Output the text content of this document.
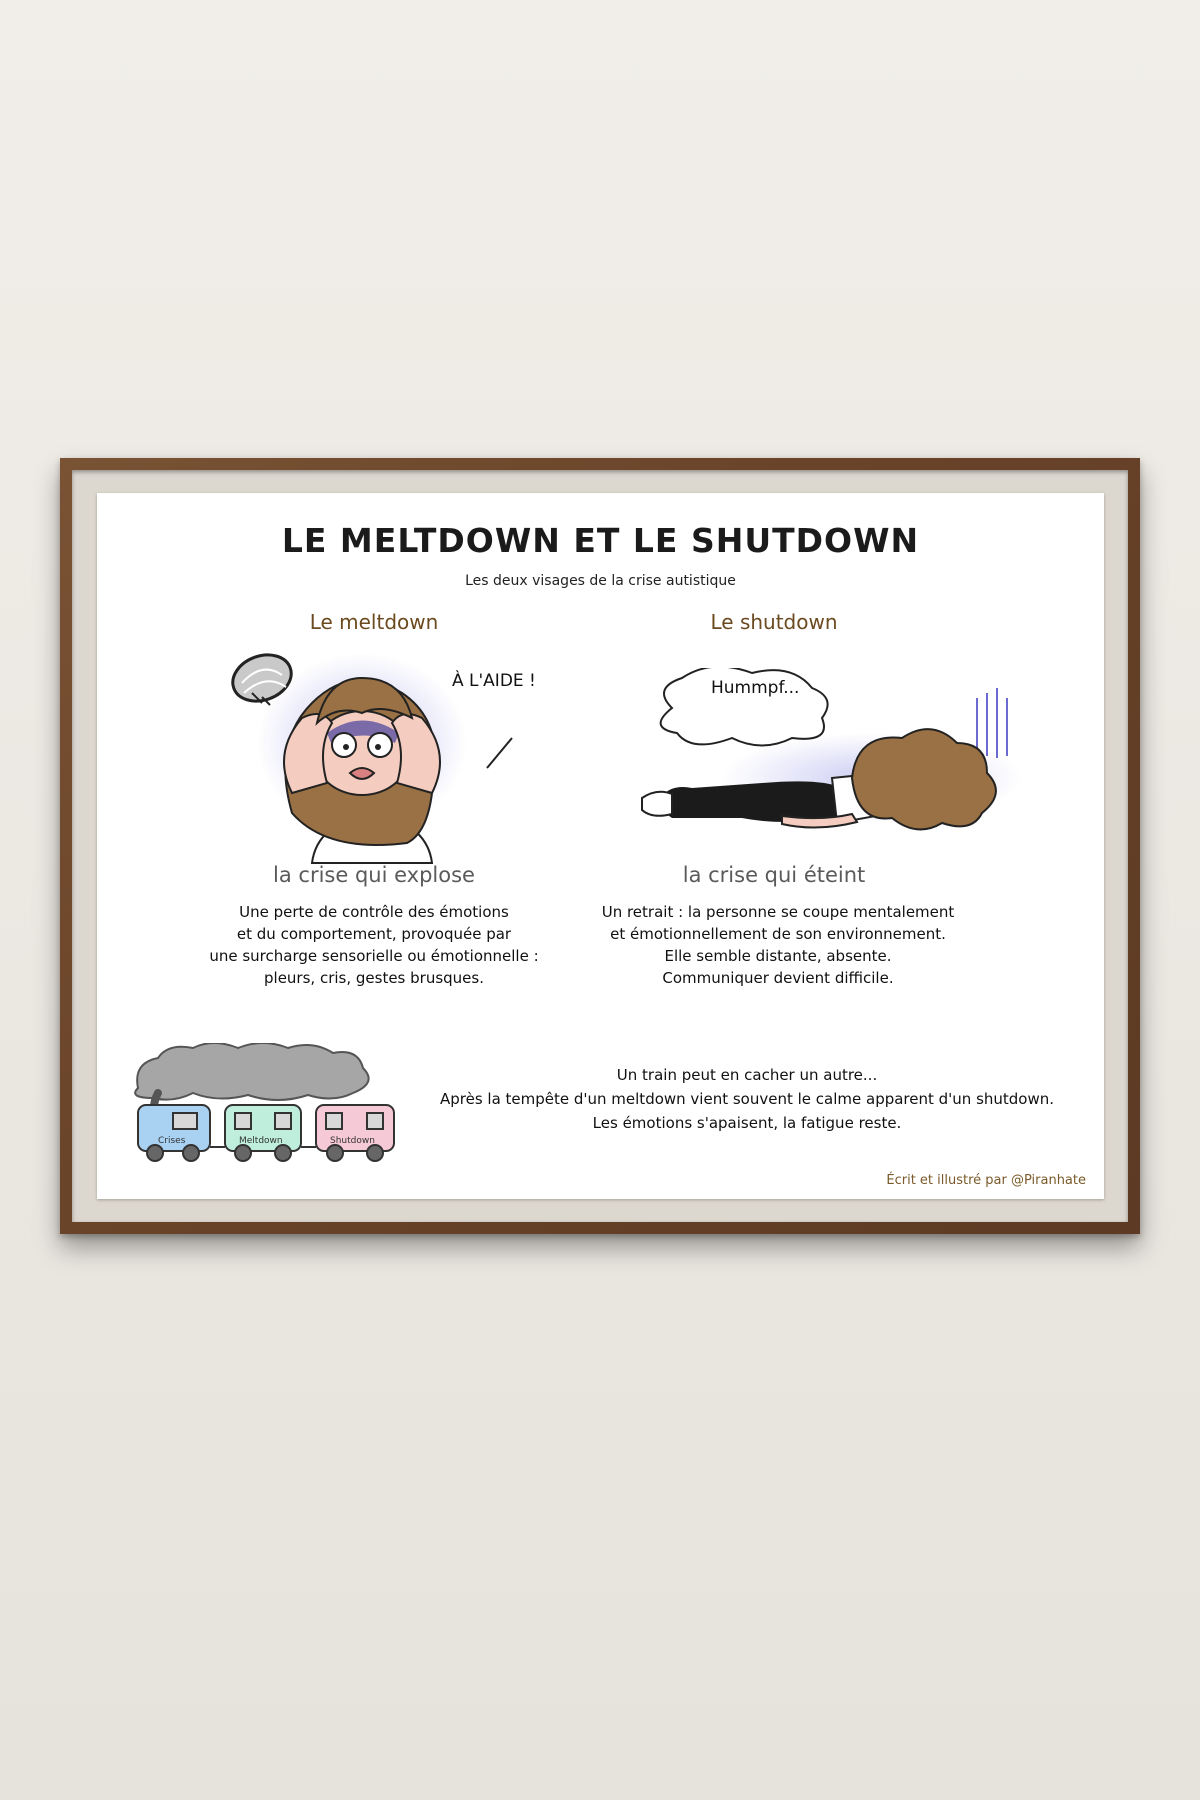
LE MELTDOWN ET LE SHUTDOWN
Les deux visages de la crise autistique
Le meltdown
À L'AIDE !
la crise qui explose
Une perte de contrôle des émotions
et du comportement, provoquée par
une surcharge sensorielle ou émotionnelle :
pleurs, cris, gestes brusques.
Le shutdown
Hummpf...
la crise qui éteint
Un retrait : la personne se coupe mentalement
et émotionnellement de son environnement.
Elle semble distante, absente.
Communiquer devient difficile.
Crises	Meltdown	Shutdown
Un train peut en cacher un autre...
Après la tempête d'un meltdown vient souvent le calme apparent d'un shutdown.
Les émotions s'apaisent, la fatigue reste.
Écrit et illustré par @Piranhate
